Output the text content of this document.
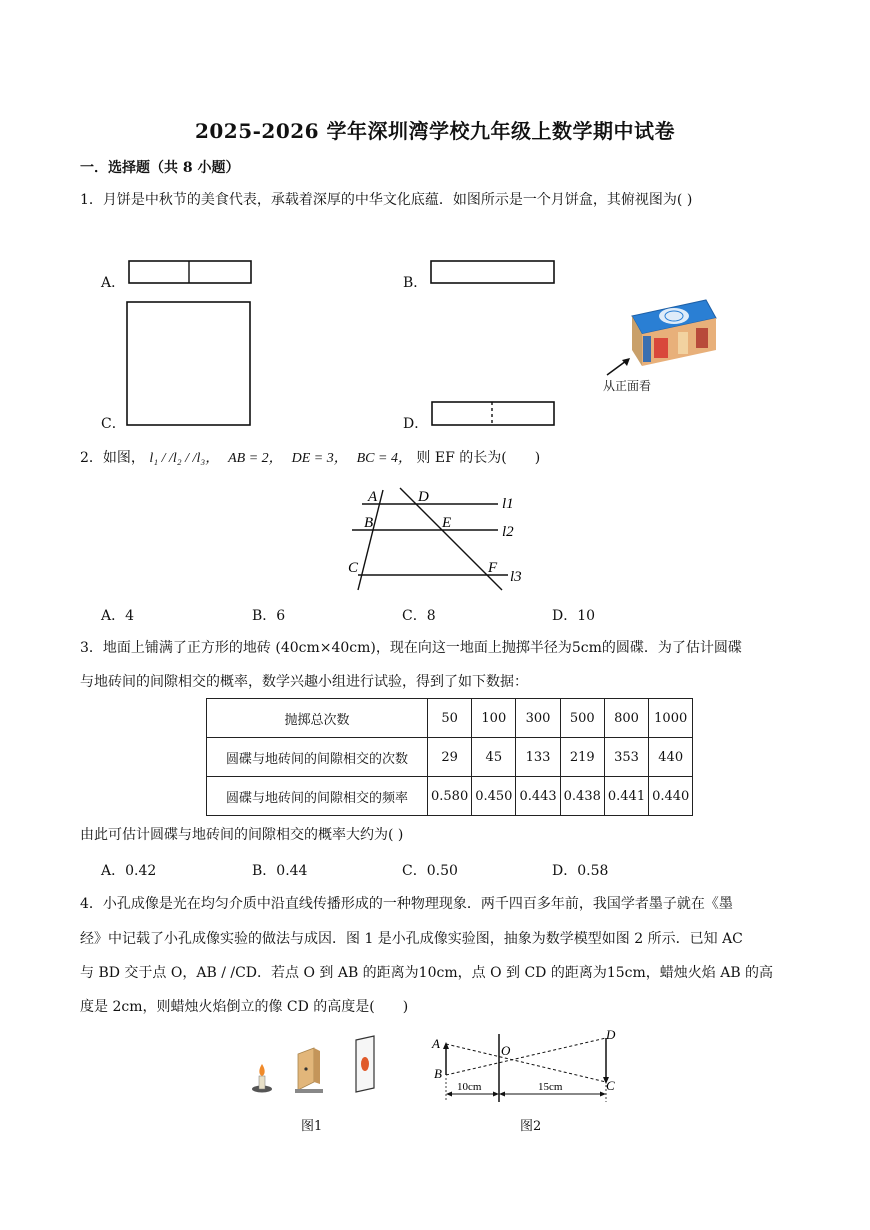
2025-2026 学年深圳湾学校九年级上数学期中试卷
一．选择题（共 8 小题）
1．月饼是中秋节的美食代表，承载着深厚的中华文化底蕴．如图所示是一个月饼盒，其俯视图为( )
A．	B．
C．	D．
从正面看
2．如图， l₁ / /l₂ / /l₃， AB = 2， DE = 3， BC = 4， 则 EF 的长为(　　)
A	D	l1
B	E
l2
C	F
l3
A．4	B．6	C．8	D．10
3．地面上铺满了正方形的地砖 (40cm×40cm)，现在向这一地面上抛掷半径为5cm的圆碟．为了估计圆碟
与地砖间的间隙相交的概率，数学兴趣小组进行试验，得到了如下数据：
抛掷总次数	50	100	300	500	800	1000
圆碟与地砖间的间隙相交的次数	29	45	133	219	353	440
圆碟与地砖间的间隙相交的频率	0.580	0.450	0.443	0.438	0.441	0.440
由此可估计圆碟与地砖间的间隙相交的概率大约为( )
A．0.42	B．0.44	C．0.50	D．0.58
4．小孔成像是光在均匀介质中沿直线传播形成的一种物理现象．两千四百多年前，我国学者墨子就在《墨
经》中记载了小孔成像实验的做法与成因．图 1 是小孔成像实验图，抽象为数学模型如图 2 所示．已知 AC
与 BD 交于点 O，AB / /CD．若点 O 到 AB 的距离为10cm，点 O 到 CD 的距离为15cm，蜡烛火焰 AB 的高
度是 2cm，则蜡烛火焰倒立的像 CD 的高度是(　　)
图1
A	O
D
B
C
10cm	15cm
图2
